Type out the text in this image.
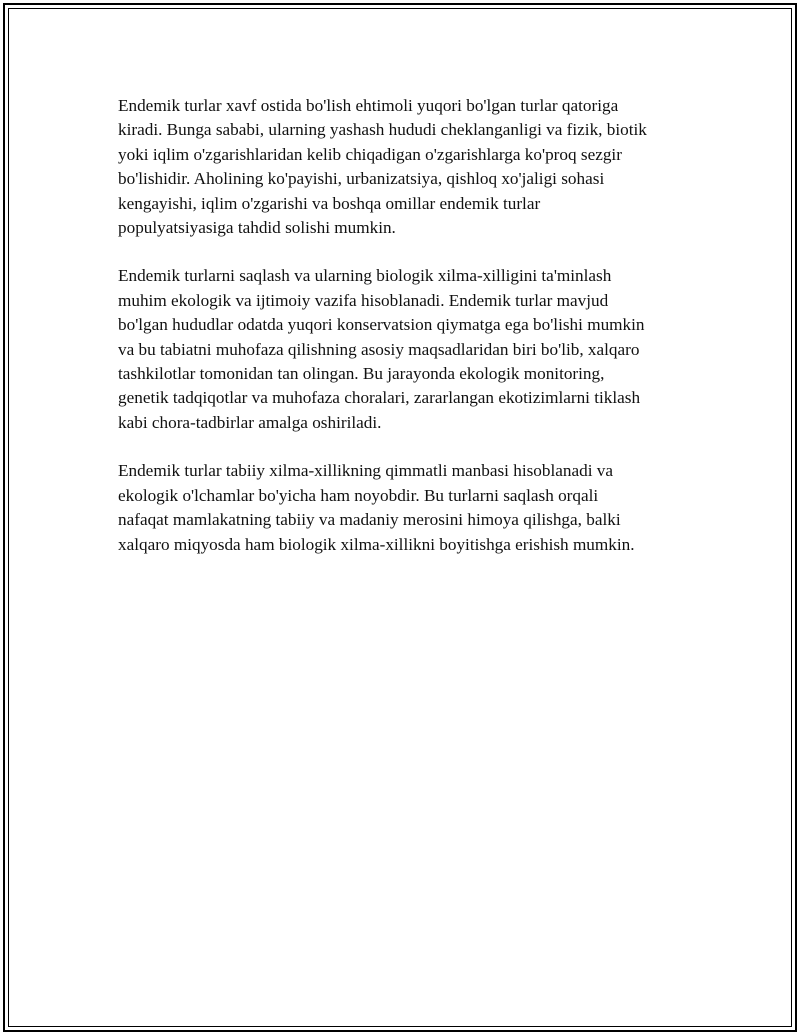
Endemik turlar xavf ostida bo'lish ehtimoli yuqori bo'lgan turlar qatoriga
kiradi. Bunga sababi, ularning yashash hududi cheklanganligi va fizik, biotik
yoki iqlim o'zgarishlaridan kelib chiqadigan o'zgarishlarga ko'proq sezgir
bo'lishidir. Aholining ko'payishi, urbanizatsiya, qishloq xo'jaligi sohasi
kengayishi, iqlim o'zgarishi va boshqa omillar endemik turlar
populyatsiyasiga tahdid solishi mumkin.

Endemik turlarni saqlash va ularning biologik xilma-xilligini ta'minlash
muhim ekologik va ijtimoiy vazifa hisoblanadi. Endemik turlar mavjud
bo'lgan hududlar odatda yuqori konservatsion qiymatga ega bo'lishi mumkin
va bu tabiatni muhofaza qilishning asosiy maqsadlaridan biri bo'lib, xalqaro
tashkilotlar tomonidan tan olingan. Bu jarayonda ekologik monitoring,
genetik tadqiqotlar va muhofaza choralari, zararlangan ekotizimlarni tiklash
kabi chora-tadbirlar amalga oshiriladi.

Endemik turlar tabiiy xilma-xillikning qimmatli manbasi hisoblanadi va
ekologik o'lchamlar bo'yicha ham noyobdir. Bu turlarni saqlash orqali
nafaqat mamlakatning tabiiy va madaniy merosini himoya qilishga, balki
xalqaro miqyosda ham biologik xilma-xillikni boyitishga erishish mumkin.
